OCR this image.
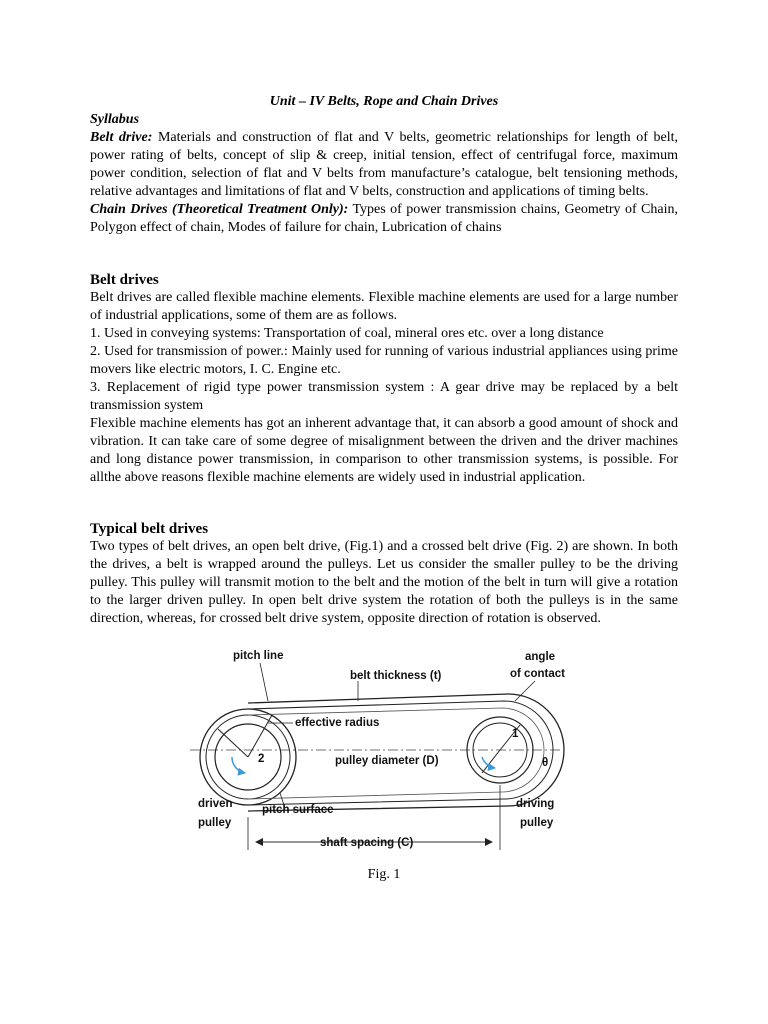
Unit – IV Belts, Rope and Chain Drives

Syllabus

Belt drive: Materials and construction of flat and V belts, geometric relationships for length of belt, power rating of belts, concept of slip & creep, initial tension, effect of centrifugal force, maximum power condition, selection of flat and V belts from manufacture’s catalogue, belt tensioning methods, relative advantages and limitations of flat and V belts, construction and applications of timing belts.

Chain Drives (Theoretical Treatment Only): Types of power transmission chains, Geometry of Chain, Polygon effect of chain, Modes of failure for chain, Lubrication of chains

Belt drives

Belt drives are called flexible machine elements. Flexible machine elements are used for a large number of industrial applications, some of them are as follows.

1. Used in conveying systems: Transportation of coal, mineral ores etc. over a long distance

2. Used for transmission of power.: Mainly used for running of various industrial appliances using prime movers like electric motors, I. C. Engine etc.

3. Replacement of rigid type power transmission system : A gear drive may be replaced by a belt transmission system

Flexible machine elements has got an inherent advantage that, it can absorb a good amount of shock and vibration. It can take care of some degree of misalignment between the driven and the driver machines and long distance power transmission, in comparison to other transmission systems, is possible. For allthe above reasons flexible machine elements are widely used in industrial application.

Typical belt drives

Two types of belt drives, an open belt drive, (Fig.1) and a crossed belt drive (Fig. 2) are shown. In both the drives, a belt is wrapped around the pulleys. Let us consider the smaller pulley to be the driving pulley. This pulley will transmit motion to the belt and the motion of the belt in turn will give a rotation to the larger driven pulley. In open belt drive system the rotation of both the pulleys is in the same direction, whereas, for crossed belt drive system, opposite direction of rotation is observed.

pitch line
belt thickness (t)
angle
of contact
effective radius
2
1
pulley diameter (D)	θ
driven
pulley
pitch surface	driving
pulley
shaft spacing (C)
Fig. 1
